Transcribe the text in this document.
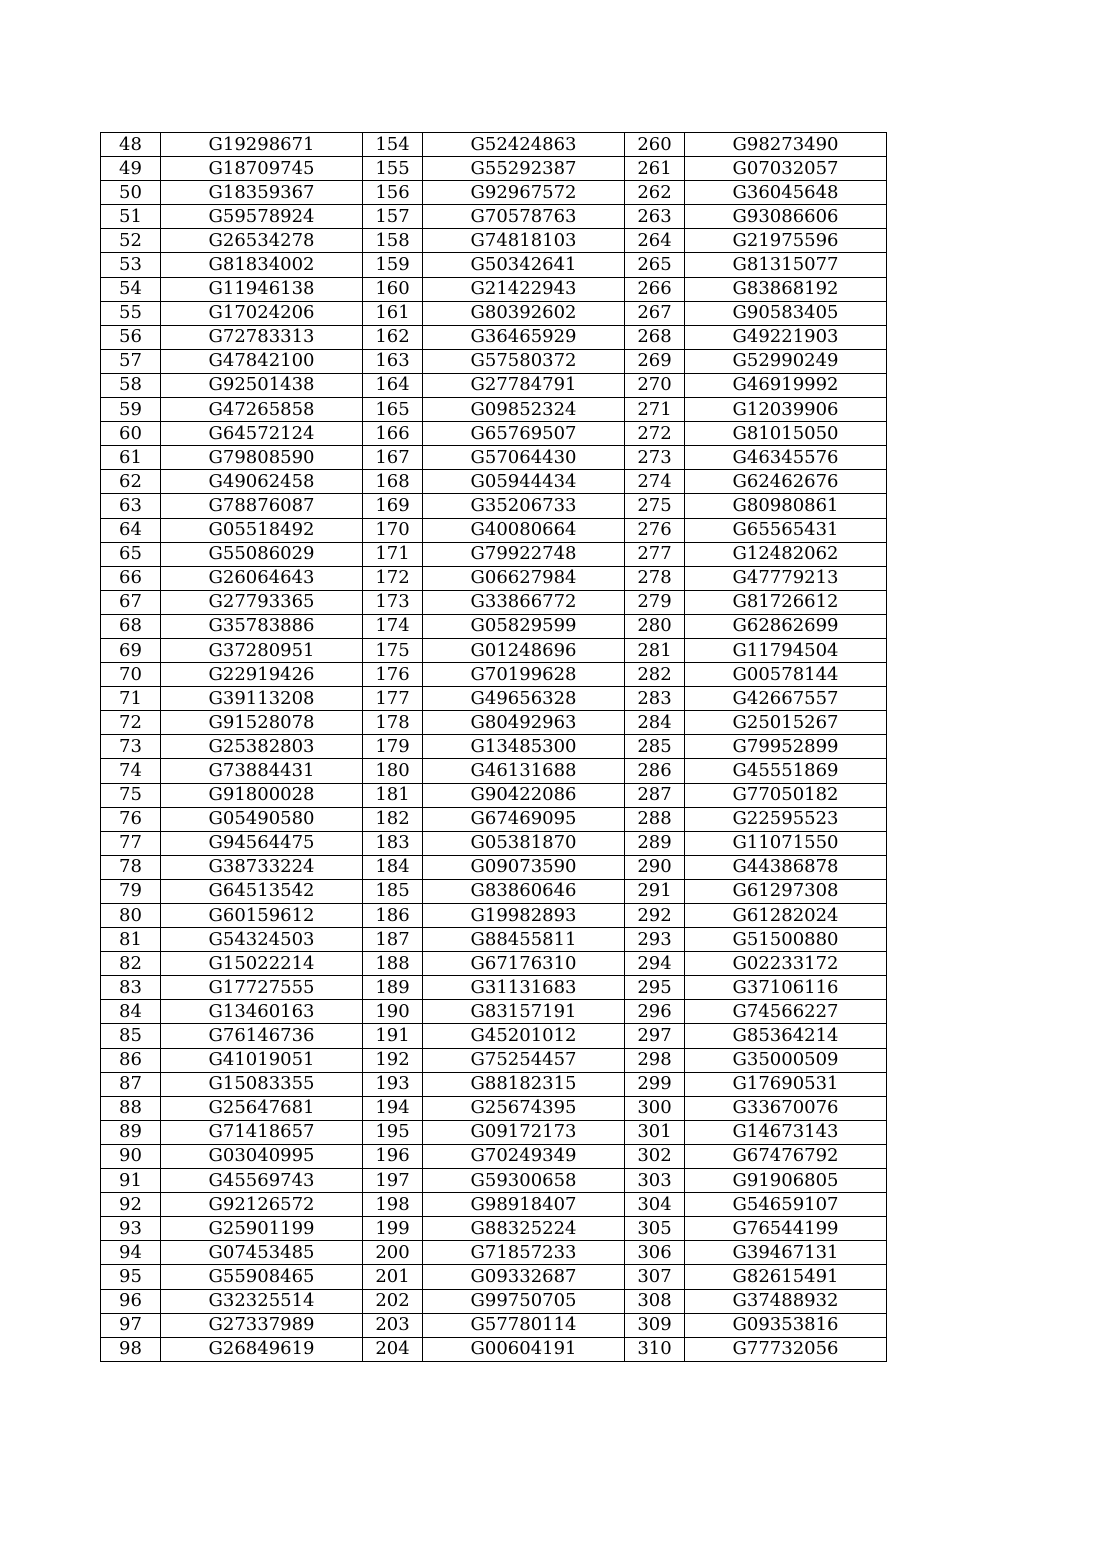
48	G19298671	154	G52424863	260	G98273490
49	G18709745	155	G55292387	261	G07032057
50	G18359367	156	G92967572	262	G36045648
51	G59578924	157	G70578763	263	G93086606
52	G26534278	158	G74818103	264	G21975596
53	G81834002	159	G50342641	265	G81315077
54	G11946138	160	G21422943	266	G83868192
55	G17024206	161	G80392602	267	G90583405
56	G72783313	162	G36465929	268	G49221903
57	G47842100	163	G57580372	269	G52990249
58	G92501438	164	G27784791	270	G46919992
59	G47265858	165	G09852324	271	G12039906
60	G64572124	166	G65769507	272	G81015050
61	G79808590	167	G57064430	273	G46345576
62	G49062458	168	G05944434	274	G62462676
63	G78876087	169	G35206733	275	G80980861
64	G05518492	170	G40080664	276	G65565431
65	G55086029	171	G79922748	277	G12482062
66	G26064643	172	G06627984	278	G47779213
67	G27793365	173	G33866772	279	G81726612
68	G35783886	174	G05829599	280	G62862699
69	G37280951	175	G01248696	281	G11794504
70	G22919426	176	G70199628	282	G00578144
71	G39113208	177	G49656328	283	G42667557
72	G91528078	178	G80492963	284	G25015267
73	G25382803	179	G13485300	285	G79952899
74	G73884431	180	G46131688	286	G45551869
75	G91800028	181	G90422086	287	G77050182
76	G05490580	182	G67469095	288	G22595523
77	G94564475	183	G05381870	289	G11071550
78	G38733224	184	G09073590	290	G44386878
79	G64513542	185	G83860646	291	G61297308
80	G60159612	186	G19982893	292	G61282024
81	G54324503	187	G88455811	293	G51500880
82	G15022214	188	G67176310	294	G02233172
83	G17727555	189	G31131683	295	G37106116
84	G13460163	190	G83157191	296	G74566227
85	G76146736	191	G45201012	297	G85364214
86	G41019051	192	G75254457	298	G35000509
87	G15083355	193	G88182315	299	G17690531
88	G25647681	194	G25674395	300	G33670076
89	G71418657	195	G09172173	301	G14673143
90	G03040995	196	G70249349	302	G67476792
91	G45569743	197	G59300658	303	G91906805
92	G92126572	198	G98918407	304	G54659107
93	G25901199	199	G88325224	305	G76544199
94	G07453485	200	G71857233	306	G39467131
95	G55908465	201	G09332687	307	G82615491
96	G32325514	202	G99750705	308	G37488932
97	G27337989	203	G57780114	309	G09353816
98	G26849619	204	G00604191	310	G77732056
